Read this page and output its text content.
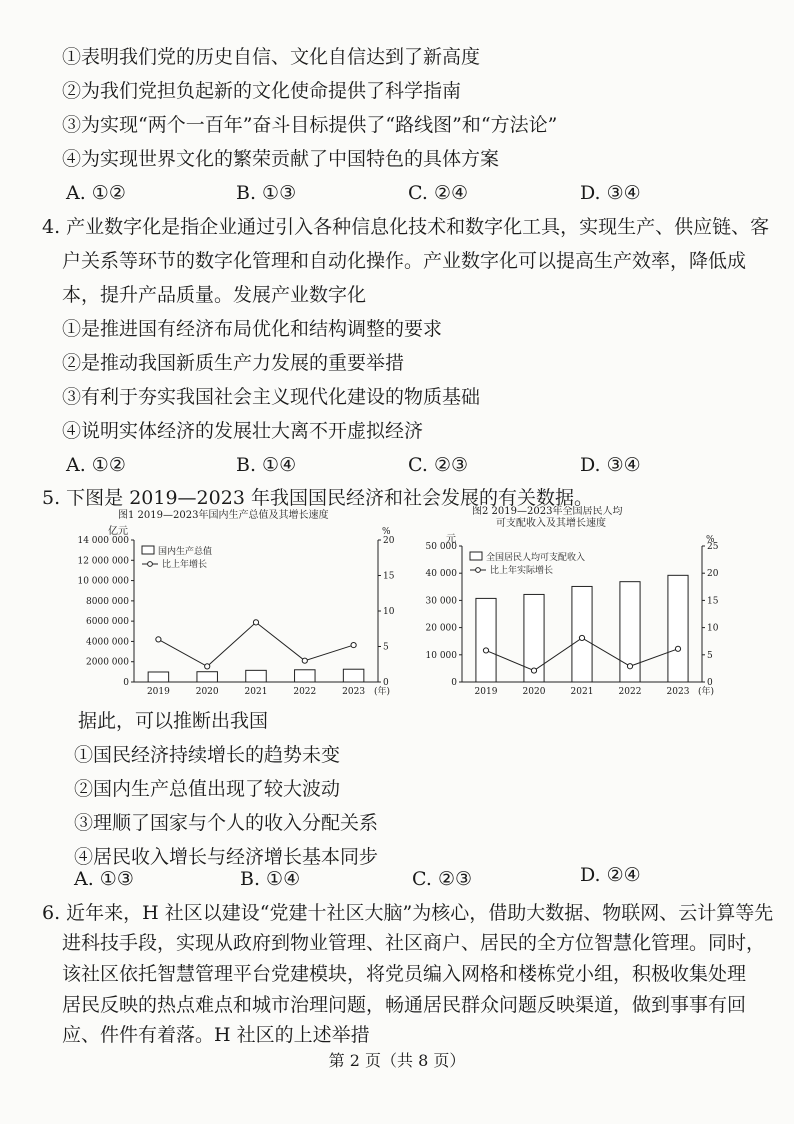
①表明我们党的历史自信、文化自信达到了新高度
②为我们党担负起新的文化使命提供了科学指南
③为实现“两个一百年”奋斗目标提供了“路线图”和“方法论”
④为实现世界文化的繁荣贡献了中国特色的具体方案
A. ①②	B. ①③	C. ②④	D. ③④
4. 产业数字化是指企业通过引入各种信息化技术和数字化工具，实现生产、供应链、客
户关系等环节的数字化管理和自动化操作。产业数字化可以提高生产效率，降低成
本，提升产品质量。发展产业数字化
①是推进国有经济布局优化和结构调整的要求
②是推动我国新质生产力发展的重要举措
③有利于夯实我国社会主义现代化建设的物质基础
④说明实体经济的发展壮大离不开虚拟经济
A. ①②	B. ①④	C. ②③	D. ③④
5. 下图是 2019—2023 年我国国民经济和社会发展的有关数据。
图1 2019—2023年国内生产总值及其增长速度
亿元	%
14 000 000
12 000 000
10 000 000
8000 000
6000 000
4000 000
2000 000
0
20
15
10
5
0
2019	2020	2021	2022	2023 (年)
国内生产总值
比上年增长
图2 2019—2023年全国居民人均
可支配收入及其增长速度
元	%
50 000
40 000
30 000
20 000
10 000
0
25
20
15
10
5
0
2019	2020	2021	2022	2023 (年)
全国居民人均可支配收入
比上年实际增长
据此，可以推断出我国
①国民经济持续增长的趋势未变
②国内生产总值出现了较大波动
③理顺了国家与个人的收入分配关系
④居民收入增长与经济增长基本同步
A. ①③	B. ①④	C. ②③	D. ②④
6. 近年来，H 社区以建设“党建十社区大脑”为核心，借助大数据、物联网、云计算等先
进科技手段，实现从政府到物业管理、社区商户、居民的全方位智慧化管理。同时，
该社区依托智慧管理平台党建模块，将党员编入网格和楼栋党小组，积极收集处理
居民反映的热点难点和城市治理问题，畅通居民群众问题反映渠道，做到事事有回
应、件件有着落。H 社区的上述举措
第 2 页（共 8 页）
